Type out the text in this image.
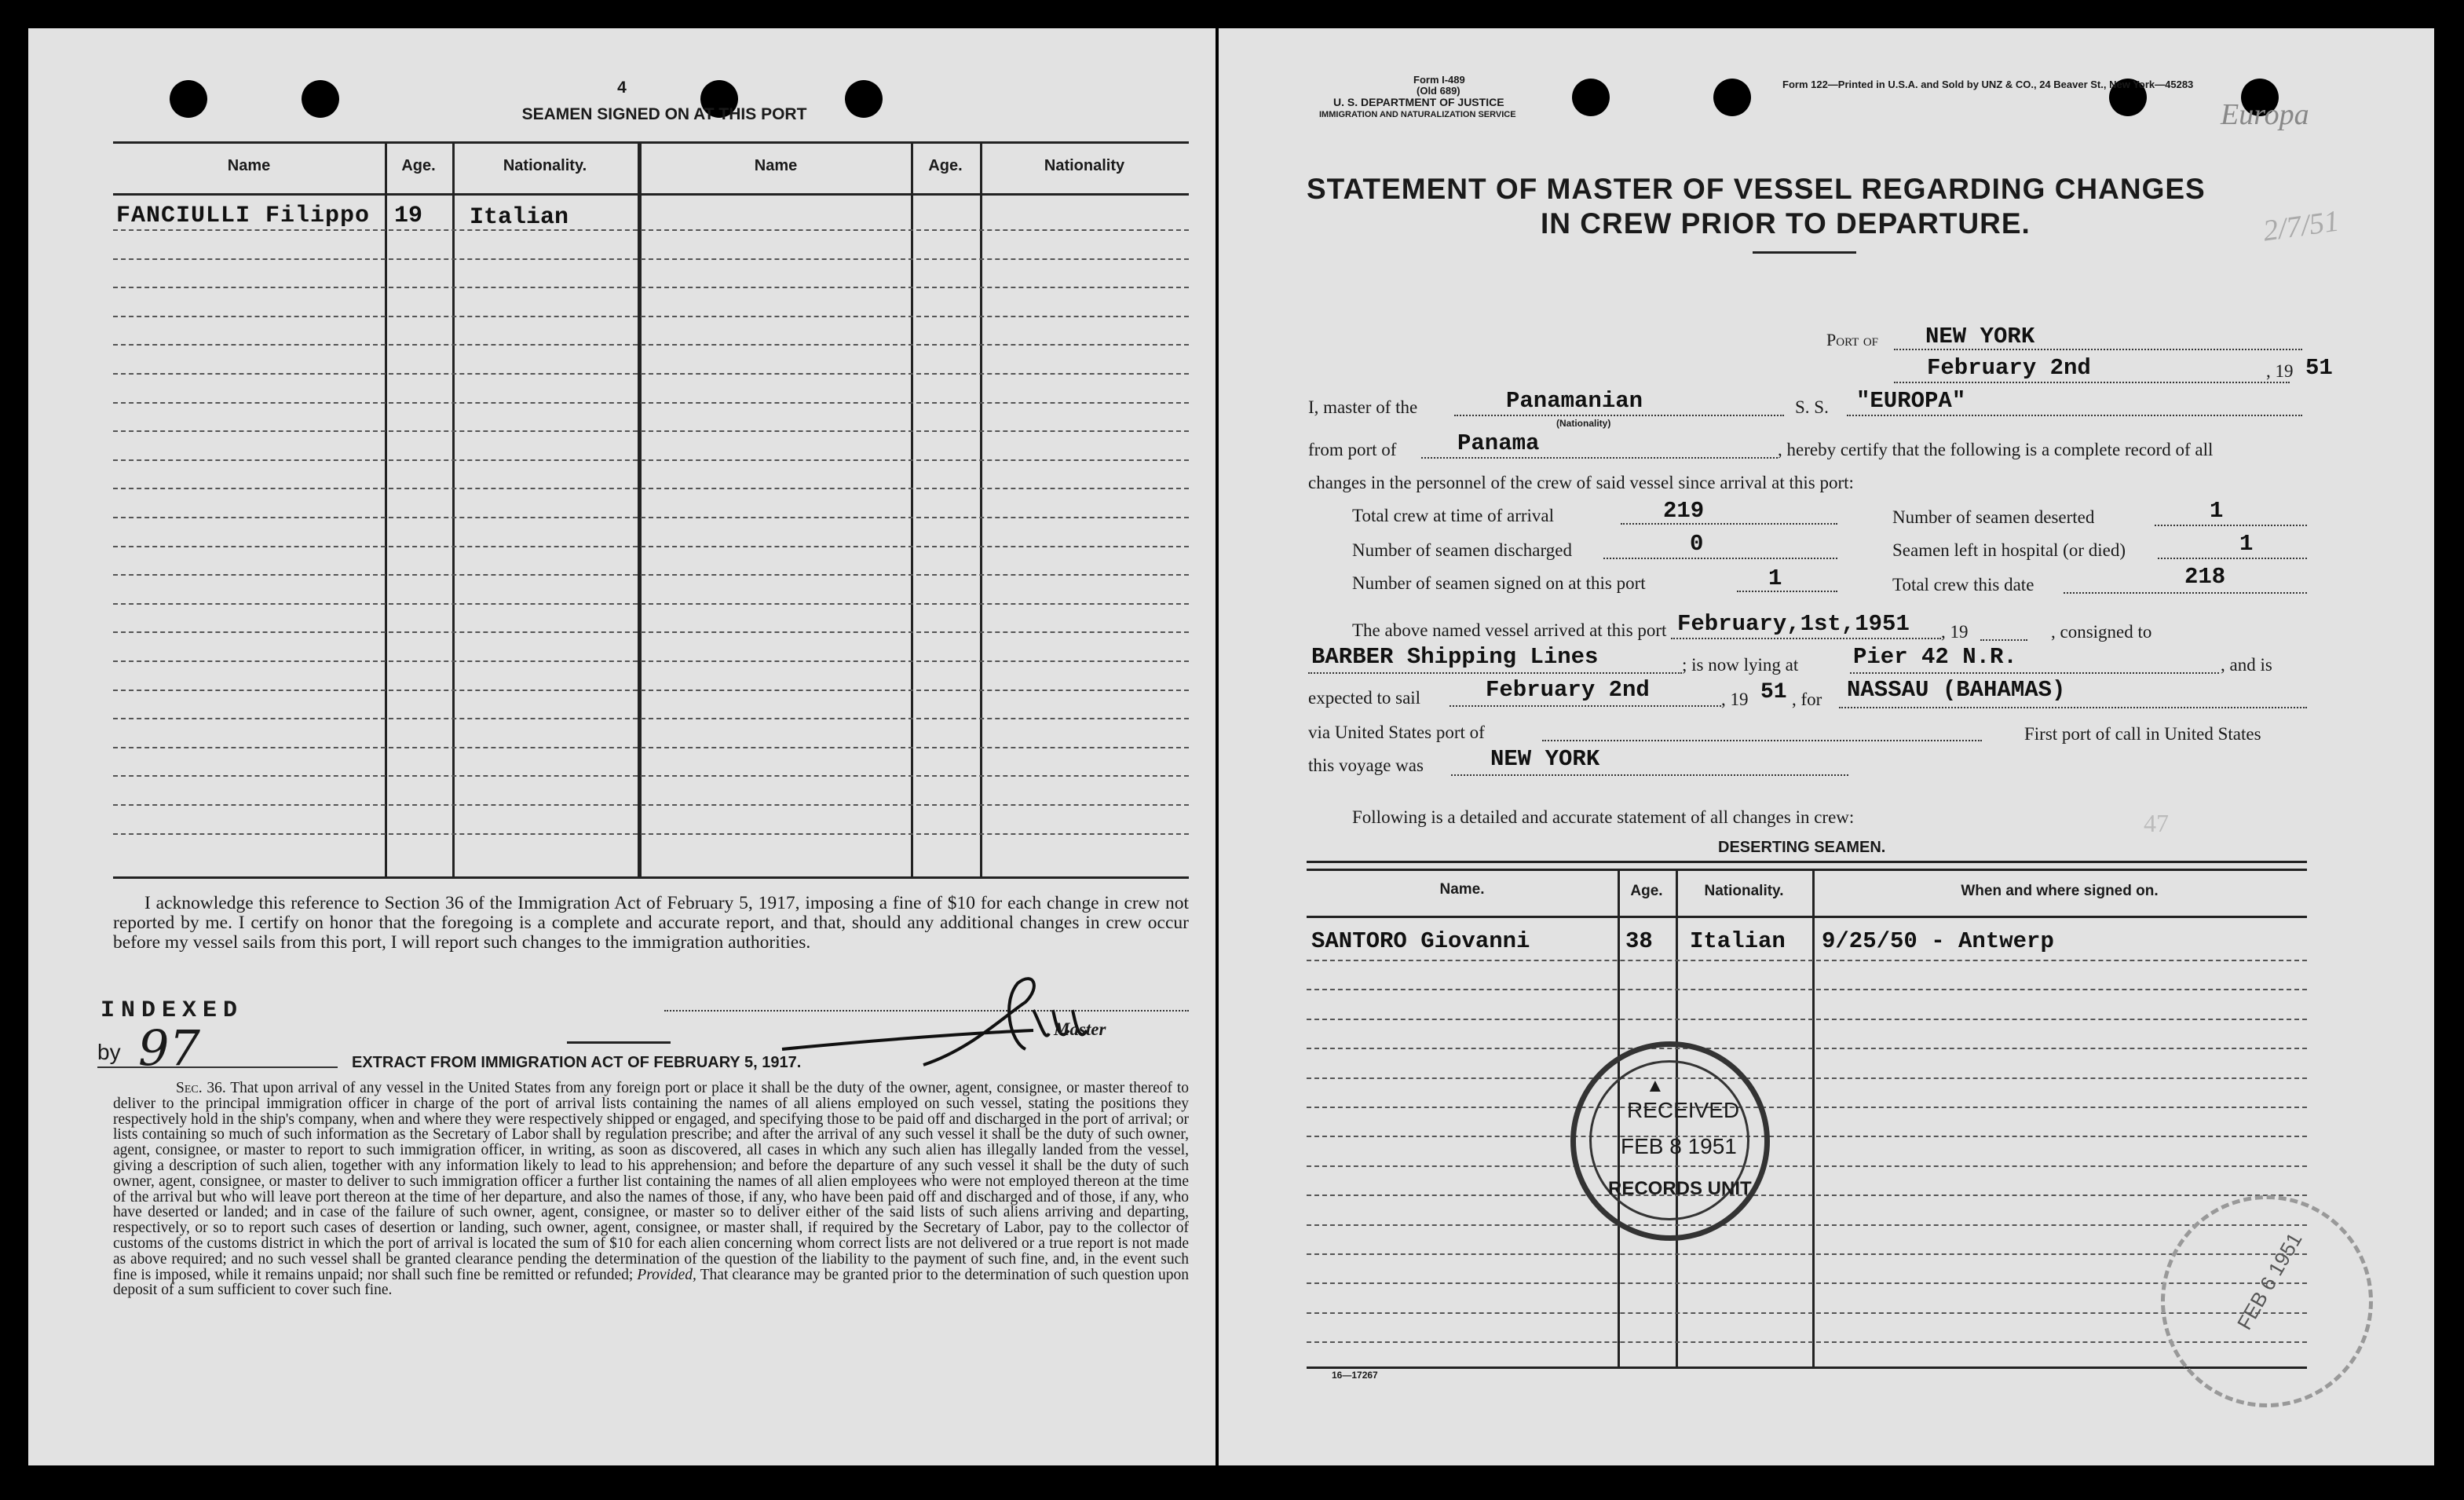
4
SEAMEN SIGNED ON AT THIS PORT
Name	Age.	Nationality.	Name	Age.	Nationality
FANCIULLI Filippo 19 Italian
I acknowledge this reference to Section 36 of the Immigration Act of February 5, 1917, imposing a fine of $10 for each change in crew not reported by me. I certify on honor that the foregoing is a complete and accurate report, and that, should any additional changes in crew occur before my vessel sails from this port, I will report such changes to the immigration authorities.
INDEXED
by 97	Master
EXTRACT FROM IMMIGRATION ACT OF FEBRUARY 5, 1917.
Sec. 36. That upon arrival of any vessel in the United States from any foreign port or place it shall be the duty of the owner, agent, consignee, or master thereof to deliver to the principal immigration officer in charge of the port of arrival lists containing the names of all aliens employed on such vessel, stating the positions they respectively hold in the ship's company, when and where they were respectively shipped or engaged, and specifying those to be paid off and discharged in the port of arrival; or lists containing so much of such information as the Secretary of Labor shall by regulation prescribe; and after the arrival of any such vessel it shall be the duty of such owner, agent, consignee, or master to report to such immigration officer, in writing, as soon as discovered, all cases in which any such alien has illegally landed from the vessel, giving a description of such alien, together with any information likely to lead to his apprehension; and before the departure of any such vessel it shall be the duty of such owner, agent, consignee, or master to deliver to such immigration officer a further list containing the names of all alien employees who were not employed thereon at the time of the arrival but who will leave port thereon at the time of her departure, and also the names of those, if any, who have been paid off and discharged and of those, if any, who have deserted or landed; and in case of the failure of such owner, agent, consignee, or master so to deliver either of the said lists of such aliens arriving and departing, respectively, or so to report such cases of desertion or landing, such owner, agent, consignee, or master shall, if required by the Secretary of Labor, pay to the collector of customs of the customs district in which the port of arrival is located the sum of $10 for each alien concerning whom correct lists are not delivered or a true report is not made as above required; and no such vessel shall be granted clearance pending the determination of the question of the liability to the payment of such fine, and, in the event such fine is imposed, while it remains unpaid; nor shall such fine be remitted or refunded; Provided, That clearance may be granted prior to the determination of such question upon deposit of a sum sufficient to cover such fine.
Form I-489
(Old 689)
U. S. DEPARTMENT OF JUSTICE
IMMIGRATION AND NATURALIZATION SERVICE
Form 122—Printed in U.S.A. and Sold by UNZ & CO., 24 Beaver St., New York—45283
Europa
2/7/51
STATEMENT OF MASTER OF VESSEL REGARDING CHANGES
IN CREW PRIOR TO DEPARTURE.
Port of NEW YORK
February 2nd	, 19 51
I, master of the	Panamanian
(Nationality)
S. S. "EUROPA"
from port of	Panama	, hereby certify that the following is a complete record of all
changes in the personnel of the crew of said vessel since arrival at this port:
Total crew at time of arrival	219
Number of seamen discharged	0
Number of seamen signed on at this port	1
Number of seamen deserted	1
Seamen left in hospital (or died)	1
Total crew this date	218
The above named vessel arrived at this port February,1st,1951 , 19	, consigned to
BARBER Shipping Lines	; is now lying at Pier 42 N.R.	, and is
expected to sail	February 2nd	, 19 51 , for NASSAU (BAHAMAS)
via United States port of	First port of call in United States
this voyage was	NEW YORK
Following is a detailed and accurate statement of all changes in crew:	47
DESERTING SEAMEN.
Name.	Age.	Nationality.	When and where signed on.
SANTORO Giovanni	38 Italian 9/25/50 - Antwerp
▲
RECEIVED
FEB 8 1951
RECORDS UNIT
FEB 6 1951
16—17267
